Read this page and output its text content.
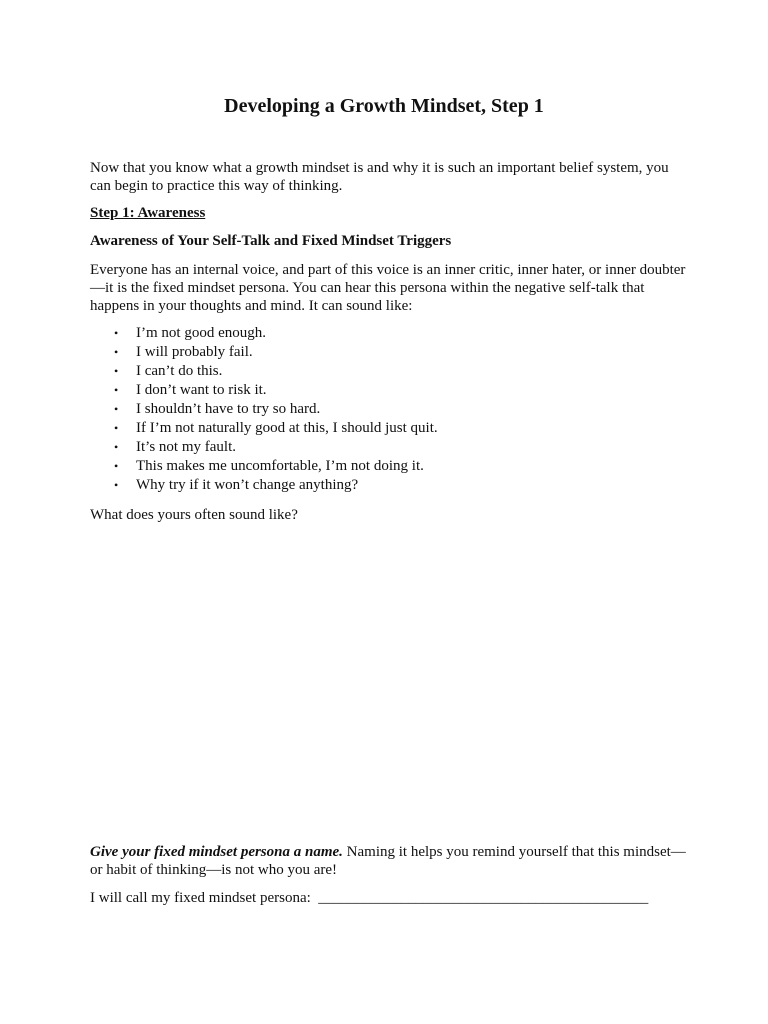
Developing a Growth Mindset, Step 1

Now that you know what a growth mindset is and why it is such an important belief system, you can begin to practice this way of thinking.

Step 1: Awareness

Awareness of Your Self-Talk and Fixed Mindset Triggers

Everyone has an internal voice, and part of this voice is an inner critic, inner hater, or inner doubter—it is the fixed mindset persona. You can hear this persona within the negative self-talk that happens in your thoughts and mind. It can sound like:

• I’m not good enough.
• I will probably fail.
• I can’t do this.
• I don’t want to risk it.
• I shouldn’t have to try so hard.
• If I’m not naturally good at this, I should just quit.
• It’s not my fault.
• This makes me uncomfortable, I’m not doing it.
• Why try if it won’t change anything?

What does yours often sound like?

Give your fixed mindset persona a name. Naming it helps you remind yourself that this mindset—or habit of thinking—is not who you are!

I will call my fixed mindset persona: ____________________________________________
